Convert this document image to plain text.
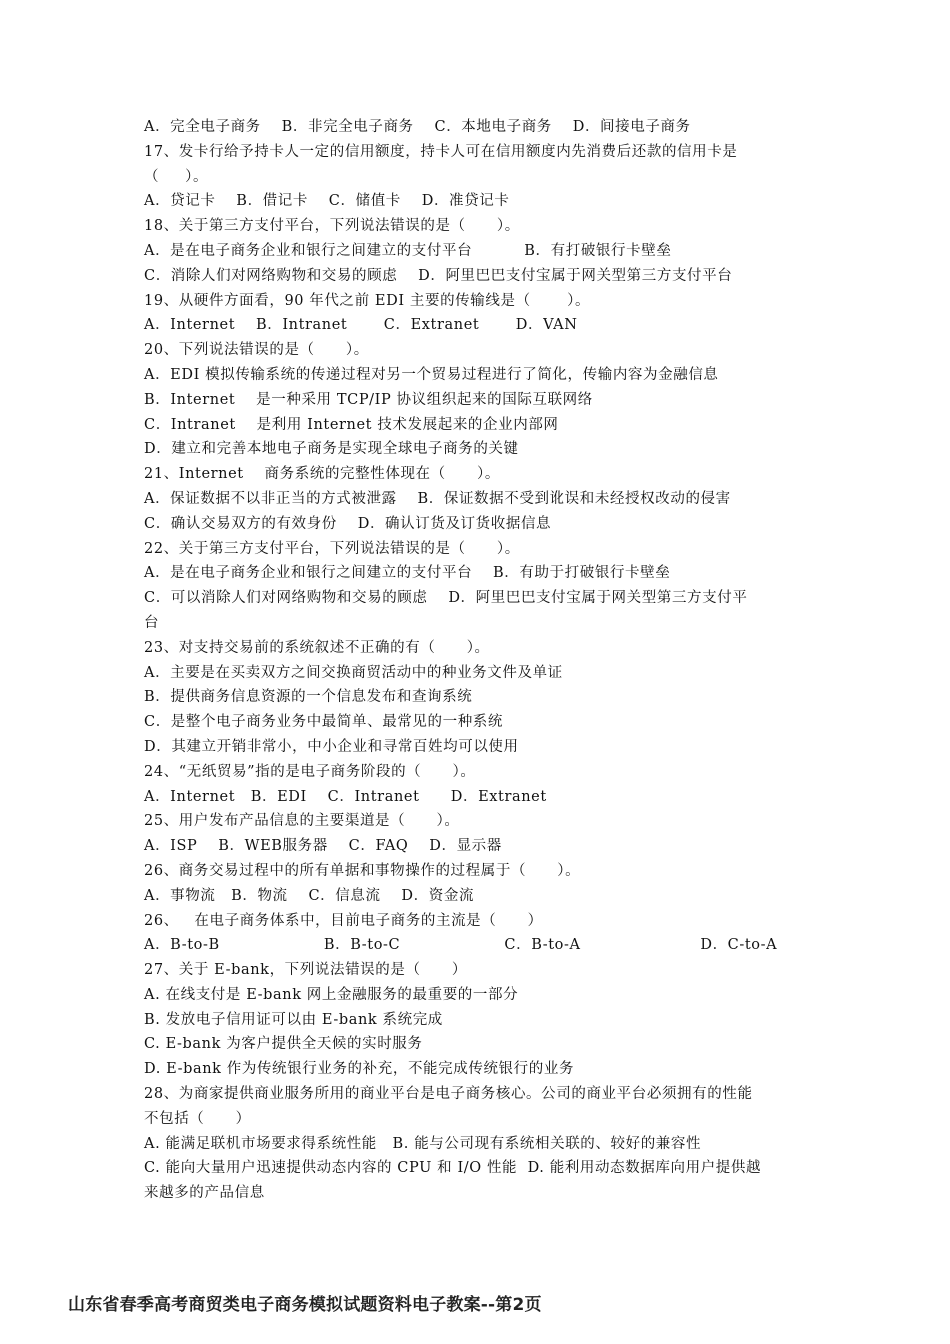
A．完全电子商务    B．非完全电子商务    C．本地电子商务    D．间接电子商务
17、发卡行给予持卡人一定的信用额度，持卡人可在信用额度内先消费后还款的信用卡是
（     ）。
A．贷记卡    B．借记卡    C．储值卡    D．准贷记卡
18、关于第三方支付平台，下列说法错误的是（      ）。
A．是在电子商务企业和银行之间建立的支付平台          B．有打破银行卡壁垒
C．消除人们对网络购物和交易的顾虑    D．阿里巴巴支付宝属于网关型第三方支付平台
19、从硬件方面看，90 年代之前 EDI 主要的传输线是（       ）。
A．Internet    B．Intranet       C．Extranet       D．VAN
20、下列说法错误的是（      ）。
A．EDI 模拟传输系统的传递过程对另一个贸易过程进行了简化，传输内容为金融信息
B．Internet    是一种采用 TCP/IP 协议组织起来的国际互联网络
C．Intranet    是利用 Internet 技术发展起来的企业内部网
D．建立和完善本地电子商务是实现全球电子商务的关键
21、Internet    商务系统的完整性体现在（      ）。
A．保证数据不以非正当的方式被泄露    B．保证数据不受到讹误和未经授权改动的侵害
C．确认交易双方的有效身份    D．确认订货及订货收据信息
22、关于第三方支付平台，下列说法错误的是（      ）。
A．是在电子商务企业和银行之间建立的支付平台    B．有助于打破银行卡壁垒
C．可以消除人们对网络购物和交易的顾虑    D．阿里巴巴支付宝属于网关型第三方支付平
台
23、对支持交易前的系统叙述不正确的有（      ）。
A．主要是在买卖双方之间交换商贸活动中的种业务文件及单证
B．提供商务信息资源的一个信息发布和查询系统
C．是整个电子商务业务中最简单、最常见的一种系统
D．其建立开销非常小，中小企业和寻常百姓均可以使用
24、“无纸贸易”指的是电子商务阶段的（      ）。
A．Internet   B．EDI    C．Intranet      D．Extranet
25、用户发布产品信息的主要渠道是（      ）。
A．ISP    B．WEB服务器    C．FAQ    D．显示器
26、商务交易过程中的所有单据和事物操作的过程属于（      ）。
A．事物流   B．物流    C．信息流    D．资金流
26、   在电子商务体系中，目前电子商务的主流是（      ）
A．B-to-B                    B．B-to-C                    C．B-to-A                       D．C-to-A
27、关于 E-bank，下列说法错误的是（      ）
A. 在线支付是 E-bank 网上金融服务的最重要的一部分
B. 发放电子信用证可以由 E-bank 系统完成
C. E-bank 为客户提供全天候的实时服务
D. E-bank 作为传统银行业务的补充，不能完成传统银行的业务
28、为商家提供商业服务所用的商业平台是电子商务核心。公司的商业平台必须拥有的性能
不包括（      ）
A. 能满足联机市场要求得系统性能   B. 能与公司现有系统相关联的、较好的兼容性
C. 能向大量用户迅速提供动态内容的 CPU 和 I/O 性能  D. 能利用动态数据库向用户提供越
来越多的产品信息
山东省春季高考商贸类电子商务模拟试题资料电子教案--第2页
